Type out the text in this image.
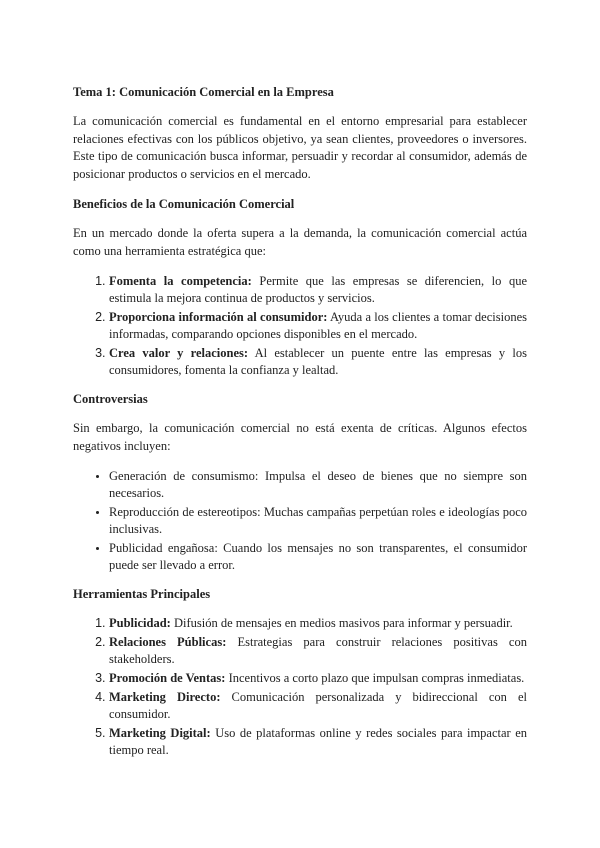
Tema 1: Comunicación Comercial en la Empresa

La comunicación comercial es fundamental en el entorno empresarial para establecer relaciones efectivas con los públicos objetivo, ya sean clientes, proveedores o inversores. Este tipo de comunicación busca informar, persuadir y recordar al consumidor, además de posicionar productos o servicios en el mercado.

Beneficios de la Comunicación Comercial

En un mercado donde la oferta supera a la demanda, la comunicación comercial actúa como una herramienta estratégica que:

1. Fomenta la competencia: Permite que las empresas se diferencien, lo que estimula la mejora continua de productos y servicios.
2. Proporciona información al consumidor: Ayuda a los clientes a tomar decisiones informadas, comparando opciones disponibles en el mercado.
3. Crea valor y relaciones: Al establecer un puente entre las empresas y los consumidores, fomenta la confianza y lealtad.
Controversias

Sin embargo, la comunicación comercial no está exenta de críticas. Algunos efectos negativos incluyen:

• Generación de consumismo: Impulsa el deseo de bienes que no siempre son necesarios.
• Reproducción de estereotipos: Muchas campañas perpetúan roles e ideologías poco inclusivas.
• Publicidad engañosa: Cuando los mensajes no son transparentes, el consumidor puede ser llevado a error.
Herramientas Principales
1. Publicidad: Difusión de mensajes en medios masivos para informar y persuadir.
2. Relaciones Públicas: Estrategias para construir relaciones positivas con stakeholders.
3. Promoción de Ventas: Incentivos a corto plazo que impulsan compras inmediatas.
4. Marketing Directo: Comunicación personalizada y bidireccional con el consumidor.
5. Marketing Digital: Uso de plataformas online y redes sociales para impactar en tiempo real.
